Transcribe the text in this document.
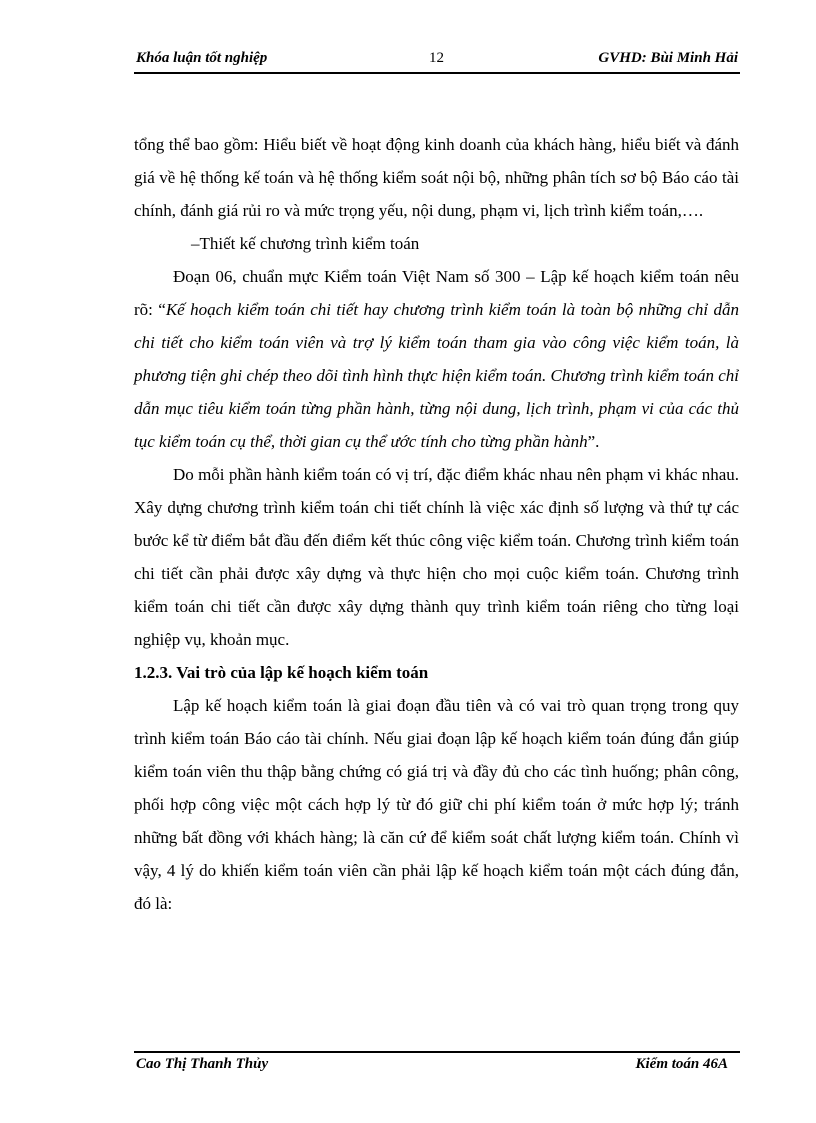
Khóa luận tốt nghiệp	12	GVHD: Bùi Minh Hải

tổng thể bao gồm: Hiểu biết về hoạt động kinh doanh của khách hàng, hiểu biết và đánh giá về hệ thống kế toán và hệ thống kiểm soát nội bộ, những phân tích sơ bộ Báo cáo tài chính, đánh giá rủi ro và mức trọng yếu, nội dung, phạm vi, lịch trình kiểm toán,….

–Thiết kế chương trình kiểm toán

Đoạn 06, chuẩn mực Kiểm toán Việt Nam số 300 – Lập kế hoạch kiểm toán nêu rõ: “Kế hoạch kiểm toán chi tiết hay chương trình kiểm toán là toàn bộ những chỉ dẫn chi tiết cho kiểm toán viên và trợ lý kiểm toán tham gia vào công việc kiểm toán, là phương tiện ghi chép theo dõi tình hình thực hiện kiểm toán. Chương trình kiểm toán chỉ dẫn mục tiêu kiểm toán từng phần hành, từng nội dung, lịch trình, phạm vi của các thủ tục kiểm toán cụ thể, thời gian cụ thể ước tính cho từng phần hành”.

Do mỗi phần hành kiểm toán có vị trí, đặc điểm khác nhau nên phạm vi khác nhau. Xây dựng chương trình kiểm toán chi tiết chính là việc xác định số lượng và thứ tự các bước kể từ điểm bắt đầu đến điểm kết thúc công việc kiểm toán. Chương trình kiểm toán chi tiết cần phải được xây dựng và thực hiện cho mọi cuộc kiểm toán. Chương trình kiểm toán chi tiết cần được xây dựng thành quy trình kiểm toán riêng cho từng loại nghiệp vụ, khoản mục.

1.2.3. Vai trò của lập kế hoạch kiểm toán

Lập kế hoạch kiểm toán là giai đoạn đầu tiên và có vai trò quan trọng trong quy trình kiểm toán Báo cáo tài chính. Nếu giai đoạn lập kế hoạch kiểm toán đúng đắn giúp kiểm toán viên thu thập bằng chứng có giá trị và đầy đủ cho các tình huống; phân công, phối hợp công việc một cách hợp lý từ đó giữ chi phí kiểm toán ở mức hợp lý; tránh những bất đồng với khách hàng; là căn cứ để kiểm soát chất lượng kiểm toán. Chính vì vậy, 4 lý do khiến kiểm toán viên cần phải lập kế hoạch kiểm toán một cách đúng đắn, đó là:

Cao Thị Thanh Thủy	Kiểm toán 46A
